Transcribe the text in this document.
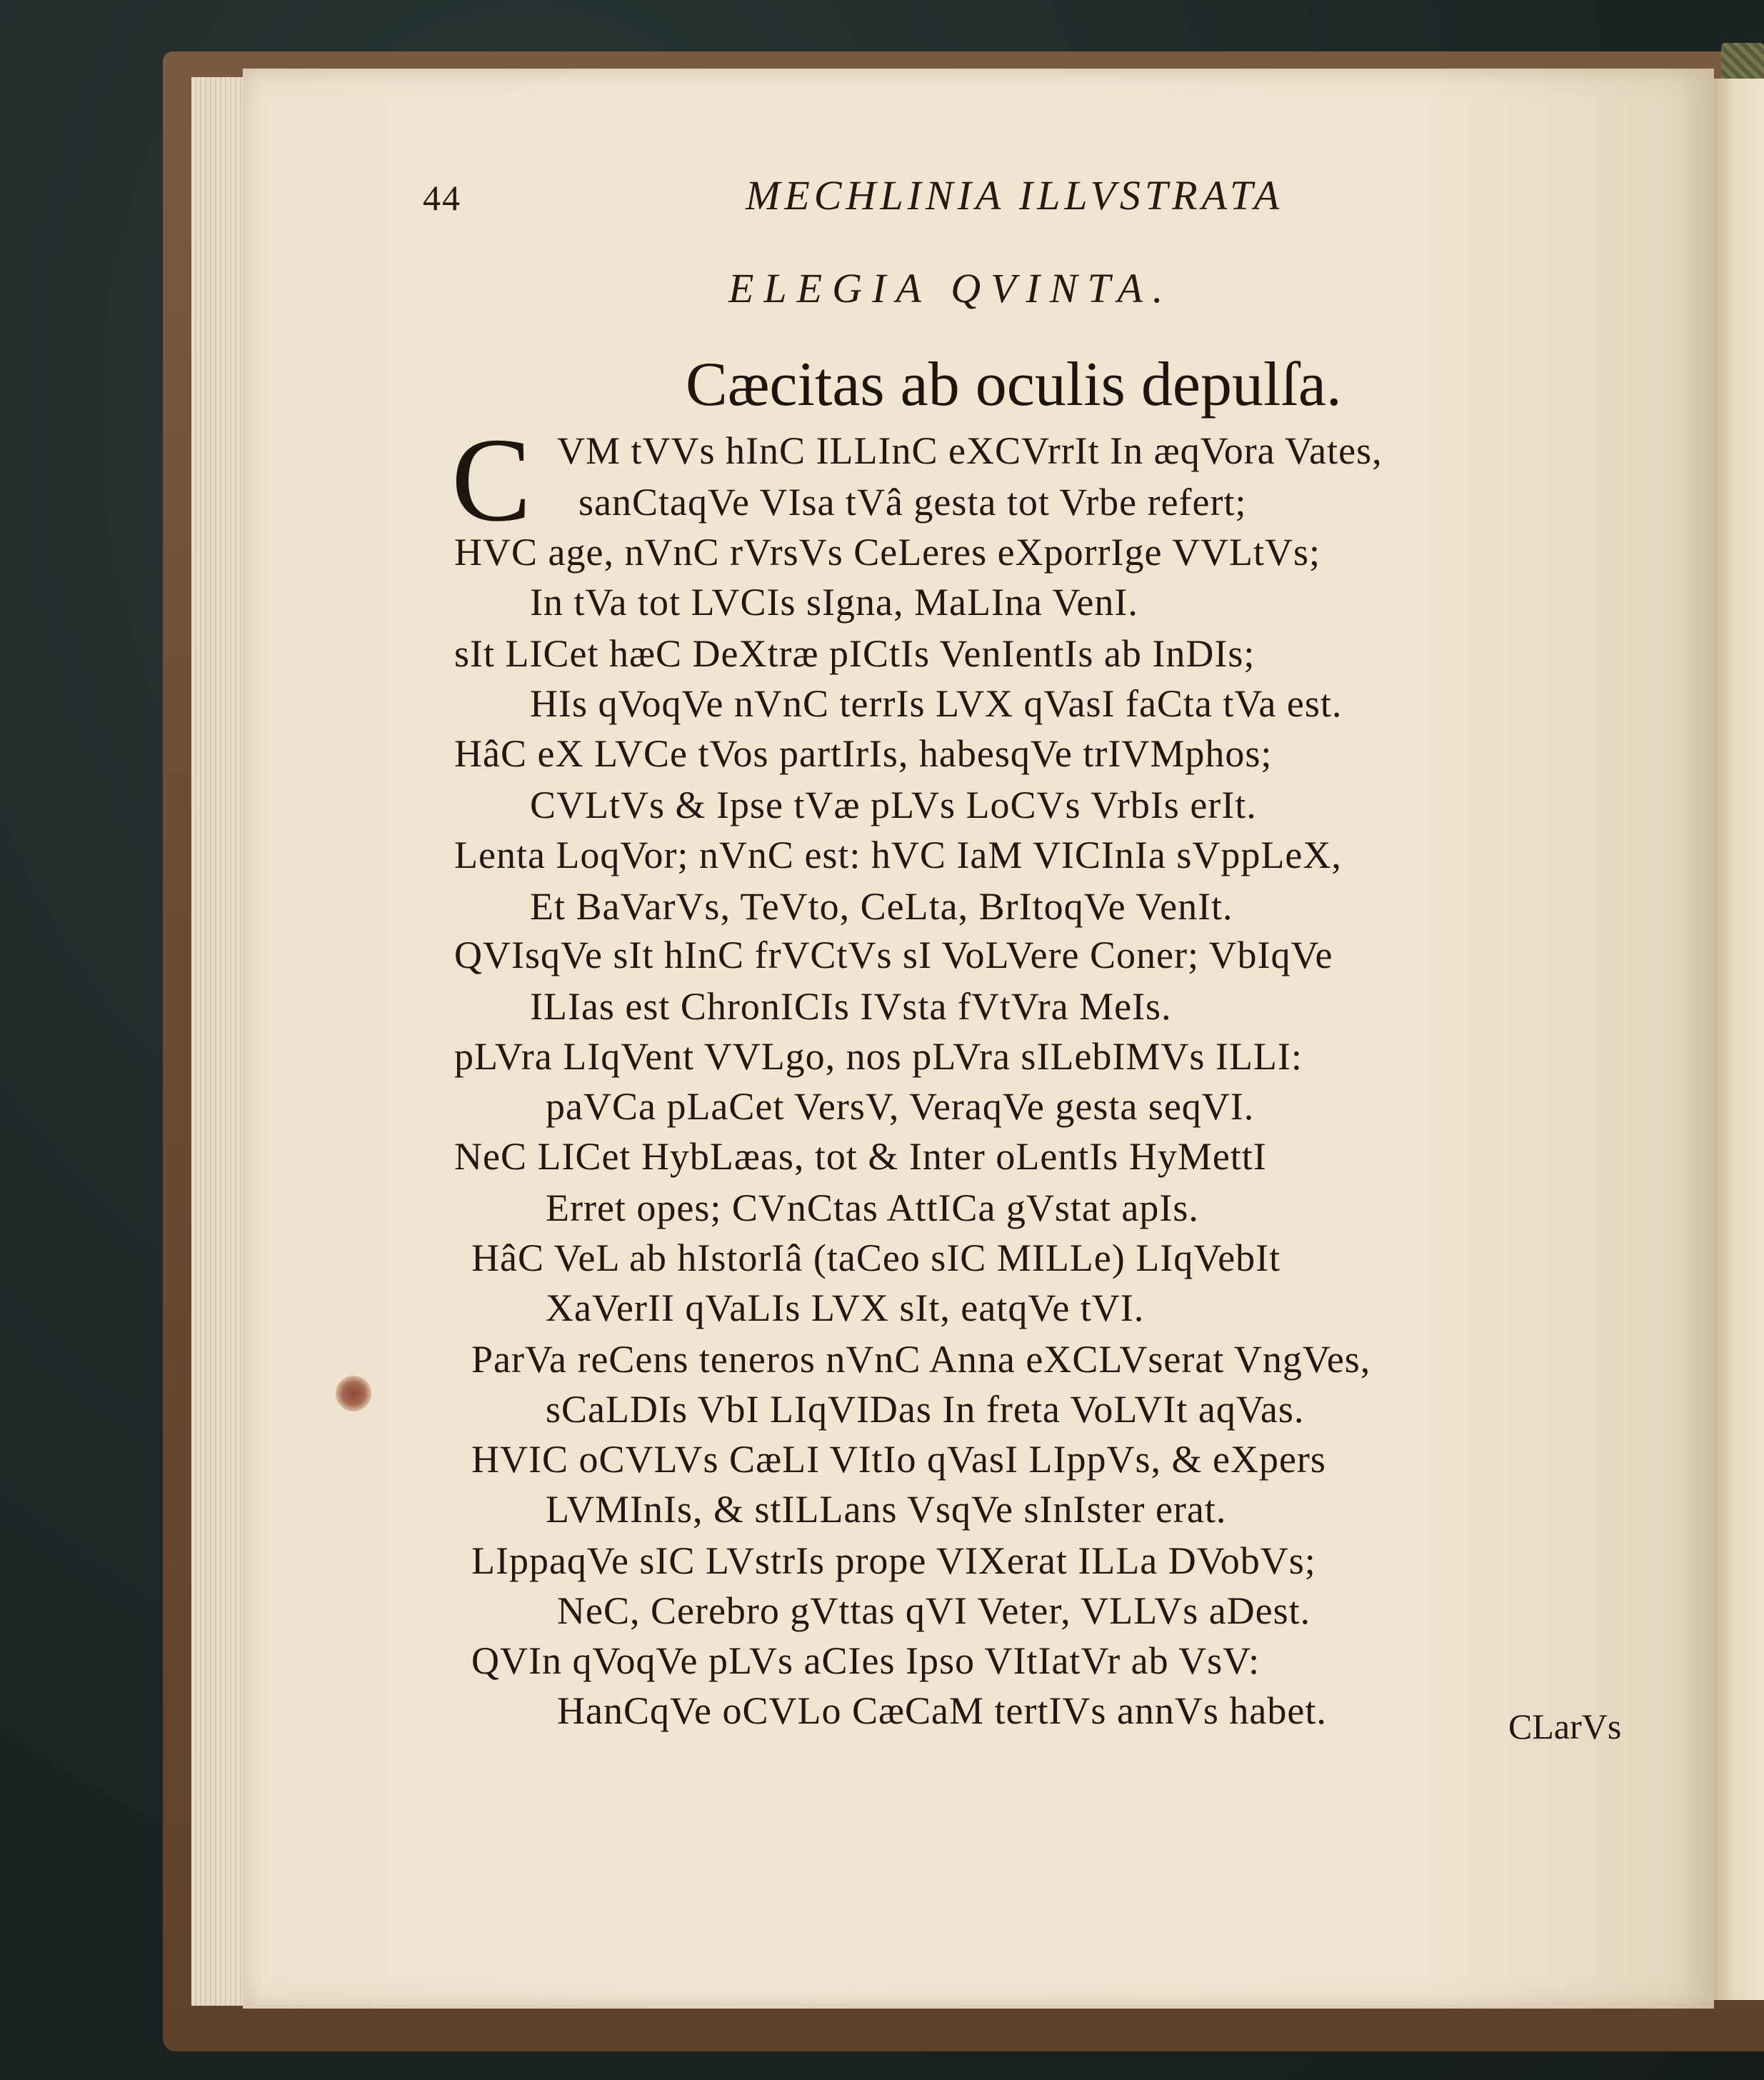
44	MECHLINIA ILLVSTRATA
ELEGIA QVINTA.
Cæcitas ab oculis depulſa.
C VM tVVs hInC ILLInC eXCVrrIt In æqVora Vates,
sanCtaqVe VIsa tVâ gesta tot Vrbe refert;
HVC age, nVnC rVrsVs CeLeres eXporrIge VVLtVs;
In tVa tot LVCIs sIgna, MaLIna VenI.
sIt LICet hæC DeXtræ pICtIs VenIentIs ab InDIs;
HIs qVoqVe nVnC terrIs LVX qVasI faCta tVa est.
HâC eX LVCe tVos partIrIs, habesqVe trIVMphos;
CVLtVs & Ipse tVæ pLVs LoCVs VrbIs erIt.
Lenta LoqVor; nVnC est: hVC IaM VICInIa sVppLeX,
Et BaVarVs, TeVto, CeLta, BrItoqVe VenIt.
QVIsqVe sIt hInC frVCtVs sI VoLVere Coner; VbIqVe
ILIas est ChronICIs IVsta fVtVra MeIs.
pLVra LIqVent VVLgo, nos pLVra sILebIMVs ILLI:
paVCa pLaCet VersV, VeraqVe gesta seqVI.
NeC LICet HybLæas, tot & Inter oLentIs HyMettI
Erret opes; CVnCtas AttICa gVstat apIs.
HâC VeL ab hIstorIâ (taCeo sIC MILLe) LIqVebIt
XaVerII qVaLIs LVX sIt, eatqVe tVI.
ParVa reCens teneros nVnC Anna eXCLVserat VngVes,
sCaLDIs VbI LIqVIDas In freta VoLVIt aqVas.
HVIC oCVLVs CæLI VItIo qVasI LIppVs, & eXpers
LVMInIs, & stILLans VsqVe sInIster erat.
LIppaqVe sIC LVstrIs prope VIXerat ILLa DVobVs;
NeC, Cerebro gVttas qVI Veter, VLLVs aDest.
QVIn qVoqVe pLVs aCIes Ipso VItIatVr ab VsV:
HanCqVe oCVLo CæCaM tertIVs annVs habet.	CLarVs
